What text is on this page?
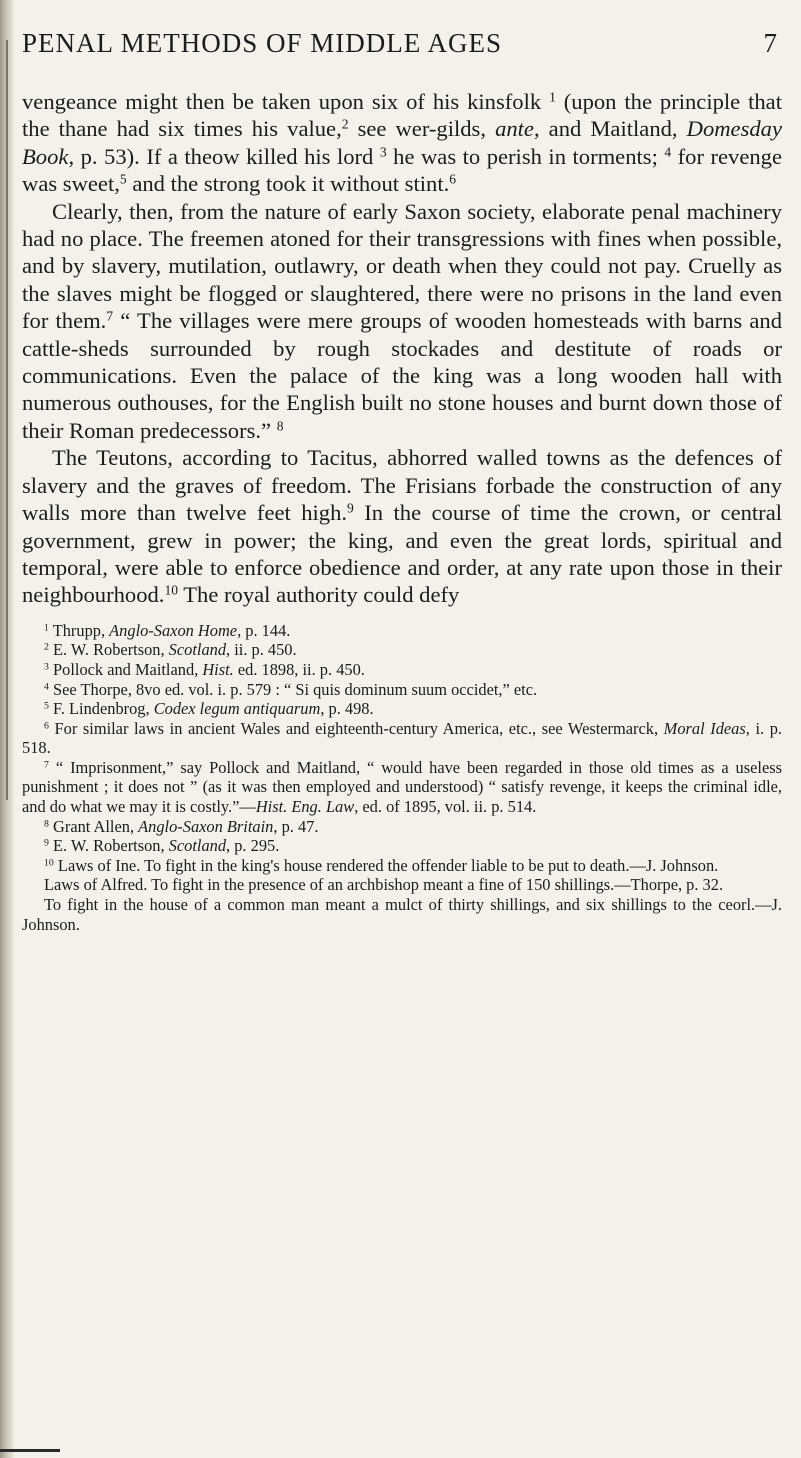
PENAL METHODS OF MIDDLE AGES	7

vengeance might then be taken upon six of his kinsfolk $^1$ (upon the principle that the thane had six times his value,$^2$ see wer-gilds, ante, and Maitland, Domesday Book, p. 53). If a theow killed his lord $^3$ he was to perish in torments; $^4$ for revenge was sweet,$^5$ and the strong took it without stint.$^6$

Clearly, then, from the nature of early Saxon society, elaborate penal machinery had no place. The freemen atoned for their transgressions with fines when possible, and by slavery, mutilation, outlawry, or death when they could not pay. Cruelly as the slaves might be flogged or slaughtered, there were no prisons in the land even for them.$^7$ “ The villages were mere groups of wooden homesteads with barns and cattle-sheds surrounded by rough stockades and destitute of roads or communications. Even the palace of the king was a long wooden hall with numerous outhouses, for the English built no stone houses and burnt down those of their Roman predecessors.” $^8$

The Teutons, according to Tacitus, abhorred walled towns as the defences of slavery and the graves of freedom. The Frisians forbade the construction of any walls more than twelve feet high.$^9$ In the course of time the crown, or central government, grew in power; the king, and even the great lords, spiritual and temporal, were able to enforce obedience and order, at any rate upon those in their neighbourhood.$^{10}$ The royal authority could defy

$^1$ Thrupp, Anglo-Saxon Home, p. 144.

$^2$ E. W. Robertson, Scotland, ii. p. 450.

$^3$ Pollock and Maitland, Hist. ed. 1898, ii. p. 450.

$^4$ See Thorpe, 8vo ed. vol. i. p. 579 : “ Si quis dominum suum occidet,” etc.

$^5$ F. Lindenbrog, Codex legum antiquarum, p. 498.

$^6$ For similar laws in ancient Wales and eighteenth-century America, etc., see Westermarck, Moral Ideas, i. p. 518.

$^7$ “ Imprisonment,” say Pollock and Maitland, “ would have been regarded in those old times as a useless punishment ; it does not ” (as it was then employed and understood) “ satisfy revenge, it keeps the criminal idle, and do what we may it is costly.”—Hist. Eng. Law, ed. of 1895, vol. ii. p. 514.

$^8$ Grant Allen, Anglo-Saxon Britain, p. 47.

$^9$ E. W. Robertson, Scotland, p. 295.

$^{10}$ Laws of Ine. To fight in the king's house rendered the offender liable to be put to death.—J. Johnson.

Laws of Alfred. To fight in the presence of an archbishop meant a fine of 150 shillings.—Thorpe, p. 32.

To fight in the house of a common man meant a mulct of thirty shillings, and six shillings to the ceorl.—J. Johnson.
